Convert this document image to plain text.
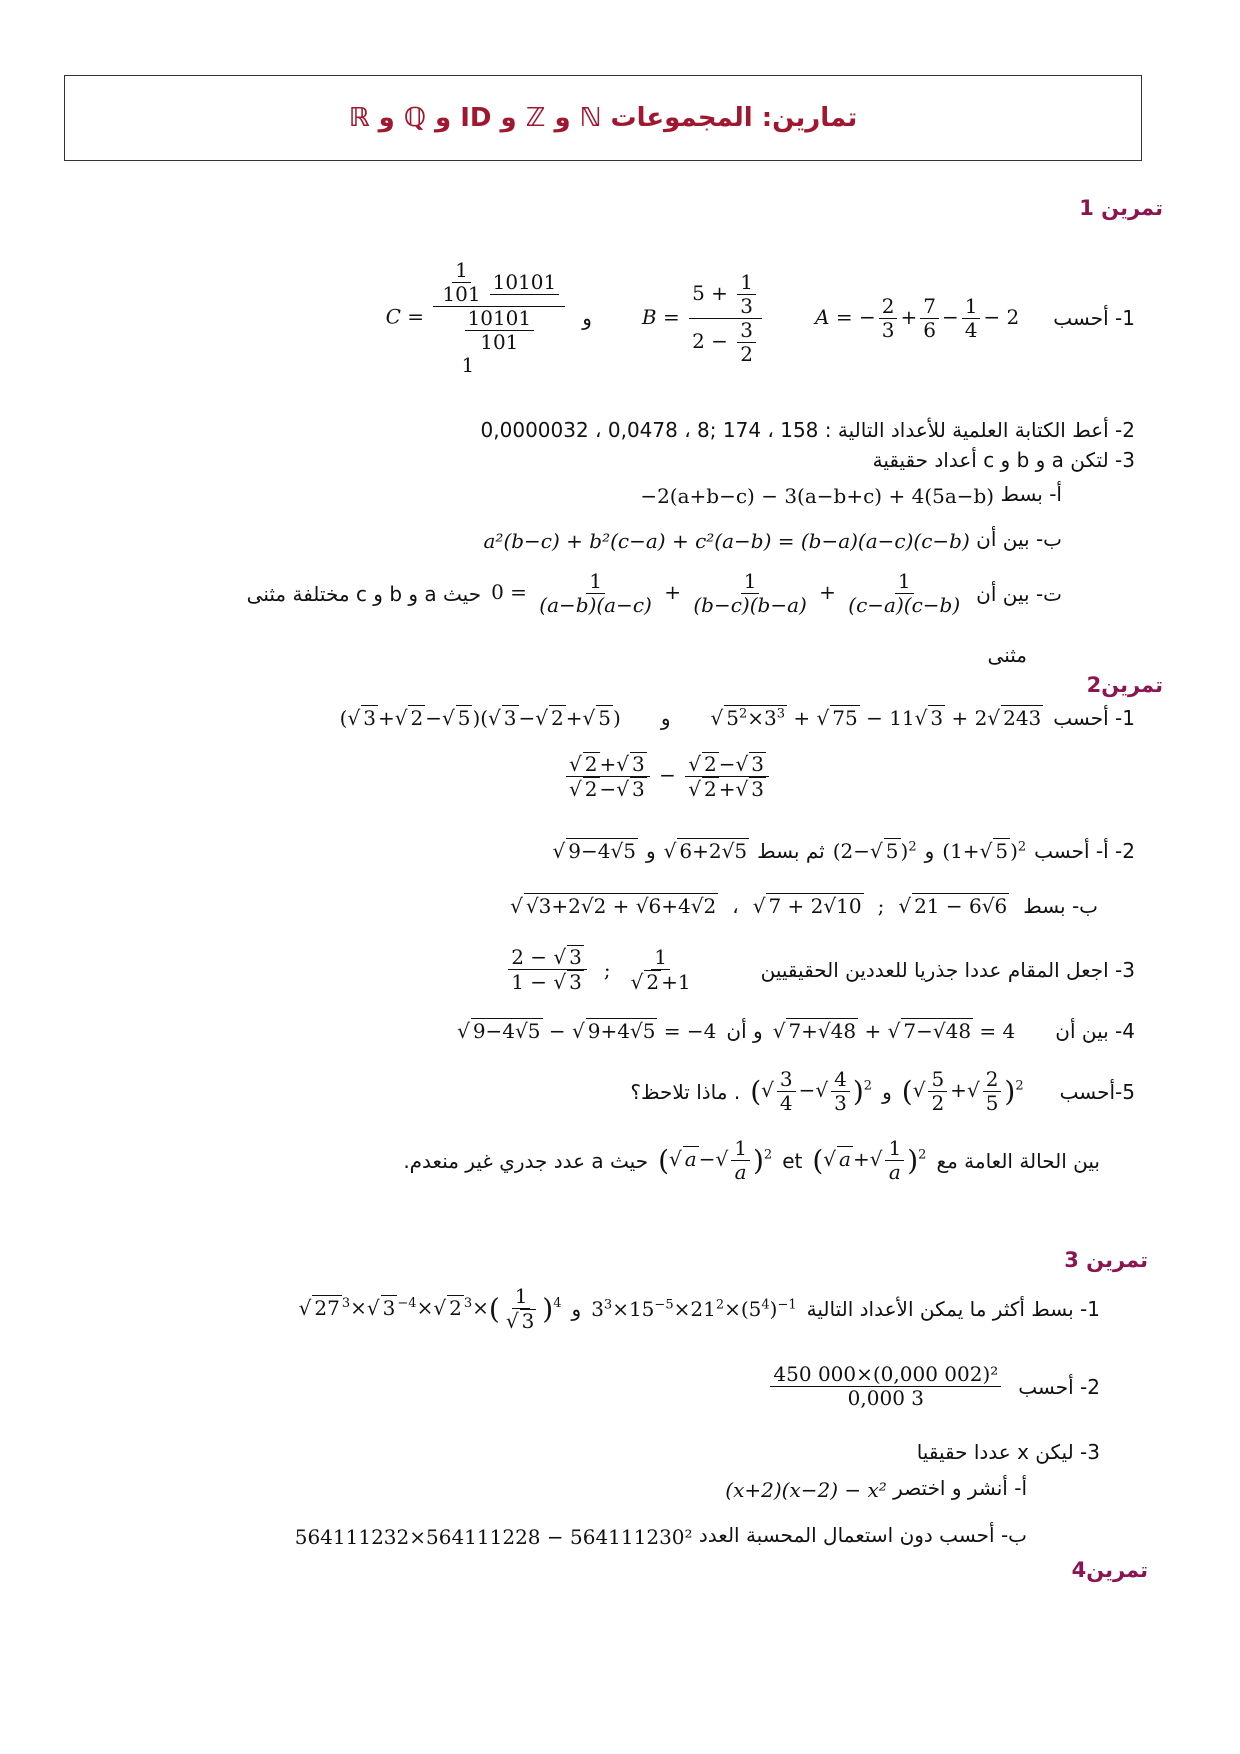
تمارين: المجموعات ℕ و ℤ و ID و ℚ و ℝ
تمرين 1
1- أحسب
A = − $\frac{2}{3} + \frac{7}{6} - \frac{1}{4} - 2$
$B = \frac{5 + \frac{1}{3}}{2 - \frac{3}{2}}$
و
$C = \frac{1}{101} 10101$
$\frac{10101}{101}$
1
2- أعط الكتابة العلمية للأعداد التالية : 158 ، 174 ;8 ، 0,0478 ، 0,0000032
3- لتكن a و b و c أعداد حقيقية
أ- بسط −2(a+b−c) − 3(a−b+c) + 4(5a−b)
ب- بين أن a²(b−c) + b²(c−a) + c²(a−b) = (b−a)(a−c)(c−b)
ت- بين أن
$0 = \frac{1}{(a-b)(a-c)} + \frac{1}{(b-c)(b-a)} + \frac{1}{(c-a)(c-b)}$
حيث a و b و c مختلفة مثنى
مثنى
تمرين2
1- أحسب
√ $5^2\times 3^3$ + √ 75 − 11 √ 3 + 2 √ 243
و
( √ 3 + √ 2 − √ 5 )( √ 3 − √ 2 + √ 5 )
√ 2 + √ 3
√ 2 − √ 3 − √ 2 − √ 3
√ 2 + √ 3
2- أ- أحسب
(1+ √ 5 )$^2$
و
(2− √ 5 )$^2$
ثم بسط
√ 6+2 √ 5
و
√ 9−4 √ 5
ب- بسط
√ 21 − 6 √ 6
;
√ 7 + 2 √ 10
،
√ √ 3+2 √ 2 + √ 6+4 √ 2
3- اجعل المقام عددا جذريا للعددين الحقيقيين
1
√ 2 +1
;
$\frac{2 - √ 3}{1 - √ 3}$
4- بين أن
√ 7+ √ 48 + √ 7− √ 48 = 4
و أن
√ 9−4 √ 5 − √ 9+4 √ 5 = −4
5-أحسب
( √ $\frac{5}{2}$ + √ $\frac{2}{5} )^2$
و
( √ $\frac{3}{4}$ − √ $\frac{4}{3} )^2$
. ماذا تلاحظ؟
بين الحالة العامة مع
( √ a + √ $\frac{1}{a} )^2$
et
( √ a − √ $\frac{1}{a} )^2$
حيث a عدد جدري غير منعدم.
تمرين 3
1- بسط أكثر ما يمكن الأعداد التالية
$3^3\times 15^{-5}\times 21^2\times(5^4)^{-1}$
و
√ 27 $^3$× √ 3 $^{-4}$× √ 2 $^3$×( 1
√ 3 )$^4$
2- أحسب
$\frac{\text{450 000×(0,000 002)²}}{0,000 3}$
3- ليكن x عددا حقيقيا
أ- أنشر و اختصر (x+2)(x−2) − x²
ب- أحسب دون استعمال المحسبة العدد 564111232×564111228 − 564111230²
تمرين4
